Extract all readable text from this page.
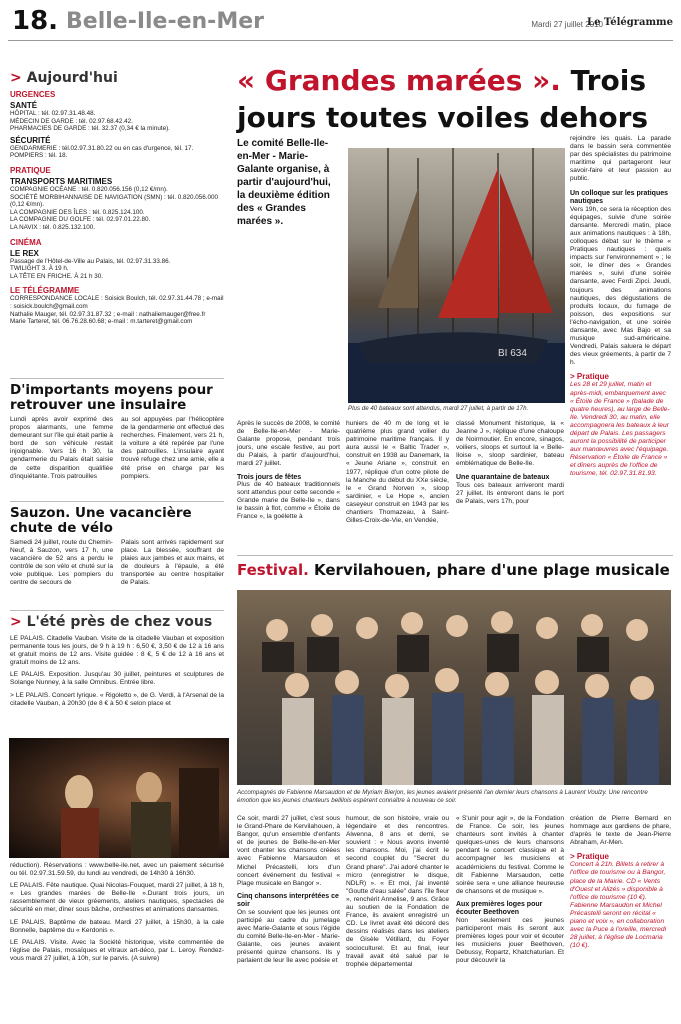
18. Belle-Ile-en-Mer	Mardi 27 juillet 2010
Le Télégramme
> Aujourd'hui
URGENCES
SANTÉ
HÔPITAL : tél. 02.97.31.48.48.
MÉDECIN DE GARDE : tél. 02.97.68.42.42.
PHARMACIES DE GARDE : tél. 32.37 (0,34 € la minute).
SÉCURITÉ
GENDARMERIE : tél.02.97.31.80.22 ou en cas d'urgence, tél. 17.
POMPIERS : tél. 18.
PRATIQUE
TRANSPORTS MARITIMES
COMPAGNIE OCÉANE : tél. 0.820.056.156 (0,12 €/mn).
SOCIÉTÉ MORBIHANNAISE DE NAVIGATION (SMN) : tél. 0.820.056.000 (0,12 €/mn).
LA COMPAGNIE DES ÎLES : tél. 0.825.124.100.
LA COMPAGNIE DU GOLFE : tél. 02.97.01.22.80.
LA NAVIX : tél. 0.825.132.100.
CINÉMA
LE REX
Passage de l'Hôtel-de-Ville au Palais, tél. 02.97.31.33.86.
TWILIGHT 3. À 19 h.
LA TÊTE EN FRICHE. À 21 h 30.
LE TÉLÉGRAMME
CORRESPONDANCE LOCALE : Soisick Boulch, tél. 02.97.31.44.78 ; e-mail : soisick.boulch@gmail.com
Nathalie Mauger, tél. 02.97.31.87.32 ; e-mail : nathaliemauger@free.fr
Marie Tarteret, tél. 06.76.28.60.68; e-mail : m.tarteret@gmail.com
D'importants moyens pour retrouver une insulaire
Lundi après avoir exprimé des propos alarmants, une femme demeurant sur l'île qui était partie à bord de son véhicule restait injoignable. Vers 16 h 30, la gendarmerie du Palais était saisie de cette disparition qualifiée d'inquiétante. Trois patrouilles
au sol appuyées par l'hélicoptère de la gendarmerie ont effectué des recherches. Finalement, vers 21 h, la voiture a été repérée par l'une des patrouilles. L'insulaire ayant trouvé refuge chez une amie, elle a été prise en charge par les pompiers.
Sauzon. Une vacancière chute de vélo
Samedi 24 juillet, route du Chemin-Neuf, à Sauzon, vers 17 h, une vacancière de 52 ans a perdu le contrôle de son vélo et chuté sur la voie publique. Les pompiers du centre de secours de
Palais sont arrivés rapidement sur place. La blessée, souffrant de plaies aux jambes et aux mains, et de douleurs à l'épaule, a été transportée au centre hospitalier de Palais.
> L'été près de chez vous
LE PALAIS. Citadelle Vauban. Visite de la citadelle Vauban et exposition permanente tous les jours, de 9 h à 19 h : 6,50 €, 3,50 € de 12 à 16 ans et gratuit moins de 12 ans. Visite guidée : 8 €, 5 € de 12 à 16 ans et gratuit moins de 12 ans.
LE PALAIS. Exposition. Jusqu'au 30 juillet, peintures et sculptures de Solange Nunney, à la salle Omnibus. Entrée libre.
> LE PALAIS. Concert lyrique. « Rigoletto », de G. Verdi, à l'Arsenal de la citadelle Vauban, à 20h30 (de 8 € à 50 € selon place et
réduction). Réservations : www.belle-ile.net, avec un paiement sécurisé ou tél. 02.97.31.59.59, du lundi au vendredi, de 14h30 à 16h30.
LE PALAIS. Fête nautique. Quai Nicolas-Fouquet, mardi 27 juillet, à 18 h, « Les grandes marées de Belle-Ile ».Durant trois jours, un rassemblement de vieux gréements, ateliers nautiques, spectacles de sécurité en mer, dîner sous bâche, orchestres et animations dansantes.
LE PALAIS. Baptême de bateau. Mardi 27 juillet, à 15h30, à la cale Bonnelle, baptême du « Kerdonis ».
LE PALAIS. Visite. Avec la Société historique, visite commentée de l'église de Palais, mosaïques et vitraux art-déco, par L. Leroy. Rendez-vous mardi 27 juillet, à 10h, sur le parvis. (A suivre)
« Grandes marées ». Trois jours toutes voiles dehors
Le comité Belle-Ile-en-Mer - Marie-Galante organise, à partir d'aujourd'hui, la deuxième édition des « Grandes marées ».
BI 634
Plus de 40 bateaux sont attendus, mardi 27 juillet, à partir de 17h.
rejoindre les quais. La parade dans le bassin sera commentée par des spécialistes du patrimoine maritime qui partageront leur savoir-faire et leur passion au public.
Un colloque sur les pratiques nautiques
Vers 19h, ce sera la réception des équipages, suivie d'une soirée dansante. Mercredi matin, place aux animations nautiques : à 18h, colloques débat sur le thème « Pratiques nautiques : quels impacts sur l'environnement » ; le soir, le dîner des « Grandes marées », suivi d'une soirée dansante, avec Ferdi Zipci. Jeudi, toujours des animations nautiques, des dégustations de produits locaux, du fumage de poisson, des expositions sur l'écho-navigation, et une soirée dansante, avec Mas Bajo et sa musique sud-américaine. Vendredi, Palais saluera le départ des vieux gréements, à partir de 7 h.
> Pratique
Les 28 et 29 juillet, matin et après-midi, embarquement avec « Étoile de France » (balade de quatre heures), au large de Belle-Ile. Vendredi 30, au matin, elle accompagnera les bateaux à leur départ de Palais. Les passagers auront la possibilité de participer aux manœuvres avec l'équipage. Réservation « Étoile de France » et dîners auprès de l'office de tourisme, tél. 02.97.31.81.93.
Après le succès de 2008, le comité de Belle-Ile-en-Mer - Marie-Galante propose, pendant trois jours, une escale festive, au port du Palais, à partir d'aujourd'hui, mardi 27 juillet.
Trois jours de fêtes
Plus de 40 bateaux traditionnels sont attendus pour cette seconde « Grande marie de Belle-Ile », dans le bassin à flot, comme « Étoile de France », la goélette à
huniers de 40 m de long et le quatrième plus grand voilier du patrimoine maritime français. Il y aura aussi le « Baltic Trader », construit en 1938 au Danemark, la « Jeune Ariane », construit en 1977, réplique d'un cotre pilote de la Manche du début du XXe siècle, le « Grand Norven », sloop sardinier, « Le Hope », ancien caseyeur construit en 1943 par les chantiers Thomazeau, à Saint-Gilles-Croix-de-Vie, en Vendée,
classé Monument historique, la « Jeanne J », réplique d'une chaloupe de Noirmoutier. En encore, sinagos, voiliers, sloops et surtout la « Belle-Iloise », sloop sardinier, bateau emblématique de Belle-Ile.
Une quarantaine de bateaux
Tous ces bateaux arriveront mardi 27 juillet. Ils entreront dans le port de Palais, vers 17h, pour
Festival. Kervilahouen, phare d'une plage musicale
Accompagnés de Fabienne Marsaudon et de Myriam Bierjon, les jeunes avaient présenté l'an dernier leurs chansons à Laurent Voulzy. Une rencontre émotion que les jeunes chanteurs bellilois espèrent connaître à nouveau ce soir.
Ce soir, mardi 27 juillet, c'est sous le Grand-Phare de Kervilahouen, à Bangor, qu'un ensemble d'enfants et de jeunes de Belle-Ile-en-Mer vont chanter les chansons créées avec Fabienne Marsaudon et Michel Précastelli, lors d'un concert événement du festival « Plage musicale en Bangor ».
Cinq chansons interprétées ce soir
On se souvient que les jeunes ont participé au cadre du jumelage avec Marie-Galante et sous l'égide du comité Belle-Ile-en-Mer - Marie-Galante, ces jeunes avaient présenté quinze chansons. Ils y parlaient de leur île avec poésie et
humour, de son histoire, vraie ou légendaire et des rencontres. Alwenna, 8 ans et demi, se souvient : « Nous avons inventé les chansons. Moi, j'ai écrit le second couplet du "Secret du Grand phare". J'ai adoré chanter le micro (enregistrer le disque, NDLR) ». « Et moi, j'ai inventé "Goutte d'eau salée" dans l'île fleur », renchérit Annelise, 9 ans. Grâce au soutien de la Fondation de France, ils avaient enregistré un CD. Le livret avait été décoré des dessins réalisés dans les ateliers de Gisèle Vétillard, du Foyer socioculturel. Et au final, leur travail avait été salué par le trophée départemental
« S'unir pour agir », de la Fondation de France. Ce soir, les jeunes chanteurs sont invités à chanter quelques-unes de leurs chansons pendant le concert classique et à accompagner les musiciens et académiciens du festival. Comme le dit Fabienne Marsaudon, cette soirée sera « une alliance heureuse de chansons et de musique ».
Aux premières loges pour écouter Beethoven
Non seulement ces jeunes participeront mais ils seront aux premières loges pour voir et écouter les musiciens jouer Beethoven, Debussy, Ropartz, Khatchaturian. Et pour découvrir la
création de Pierre Bernard en hommage aux gardiens de phare, d'après le texte de Jean-Pierre Abraham, Ar-Men.
> Pratique
Concert à 21h. Billets à retirer à l'office de tourisme ou à Bangor, place de la Mairie. CD « Vents d'Ouest et Alizés » disponible à l'office de tourisme (10 €). Fabienne Marsaudon et Michel Précastelli seront en récital « piano et voix », en collaboration avec la Puce à l'oreille, mercredi 28 juillet, à l'église de Locmaria (10 €).
